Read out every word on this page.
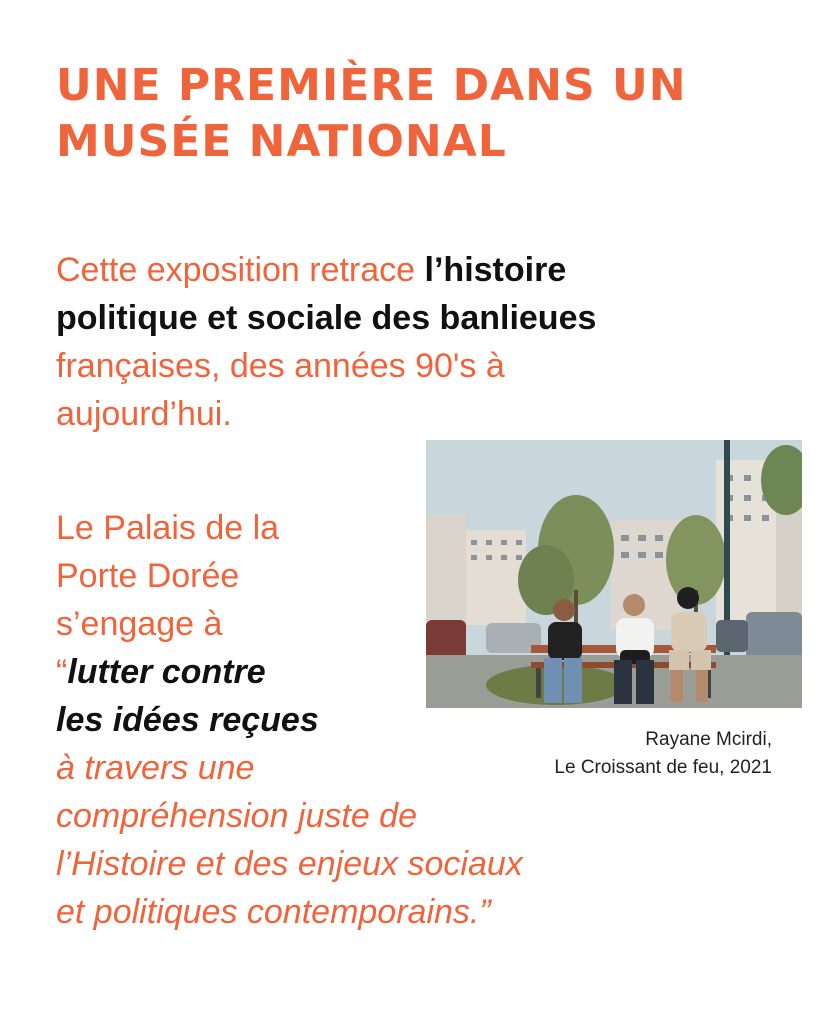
UNE PREMIÈRE DANS UN
MUSÉE NATIONAL

Cette exposition retrace l’histoire
politique et sociale des banlieues
françaises, des années 90's à
aujourd’hui.

Le Palais de la
Porte Dorée
s’engage à
“lutter contre
les idées reçues
à travers une
compréhension juste de
l’Histoire et des enjeux sociaux
et politiques contemporains.”

Rayane Mcirdi,
Le Croissant de feu, 2021
